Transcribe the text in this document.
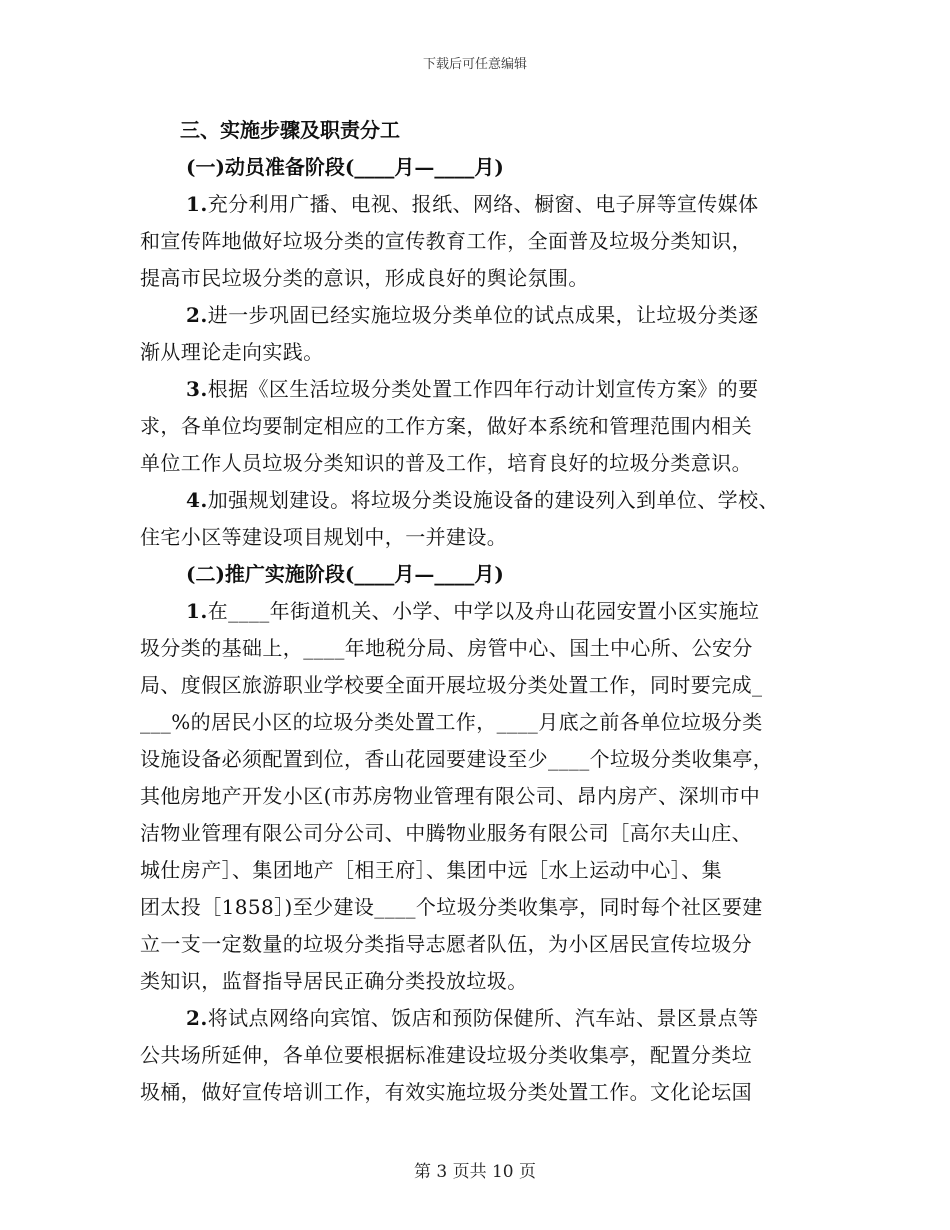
下载后可任意编辑
三、实施步骤及职责分工
(一)动员准备阶段(____月—____月)
1.充分利用广播、电视、报纸、网络、橱窗、电子屏等宣传媒体
和宣传阵地做好垃圾分类的宣传教育工作，全面普及垃圾分类知识，
提高市民垃圾分类的意识，形成良好的舆论氛围。
2.进一步巩固已经实施垃圾分类单位的试点成果，让垃圾分类逐
渐从理论走向实践。
3.根据《区生活垃圾分类处置工作四年行动计划宣传方案》的要
求，各单位均要制定相应的工作方案，做好本系统和管理范围内相关
单位工作人员垃圾分类知识的普及工作，培育良好的垃圾分类意识。
4.加强规划建设。将垃圾分类设施设备的建设列入到单位、学校、
住宅小区等建设项目规划中，一并建设。
(二)推广实施阶段(____月—____月)
1.在____年街道机关、小学、中学以及舟山花园安置小区实施垃
圾分类的基础上，____年地税分局、房管中心、国土中心所、公安分
局、度假区旅游职业学校要全面开展垃圾分类处置工作，同时要完成_
___%的居民小区的垃圾分类处置工作，____月底之前各单位垃圾分类
设施设备必须配置到位，香山花园要建设至少____个垃圾分类收集亭，
其他房地产开发小区(市苏房物业管理有限公司、昂内房产、深圳市中
洁物业管理有限公司分公司、中腾物业服务有限公司［高尔夫山庄、
城仕房产］、集团地产［相王府］、集团中远［水上运动中心］、集
团太投［1858］)至少建设____个垃圾分类收集亭，同时每个社区要建
立一支一定数量的垃圾分类指导志愿者队伍，为小区居民宣传垃圾分
类知识，监督指导居民正确分类投放垃圾。
2.将试点网络向宾馆、饭店和预防保健所、汽车站、景区景点等
公共场所延伸，各单位要根据标准建设垃圾分类收集亭，配置分类垃
圾桶，做好宣传培训工作，有效实施垃圾分类处置工作。文化论坛国
第 3 页共 10 页
